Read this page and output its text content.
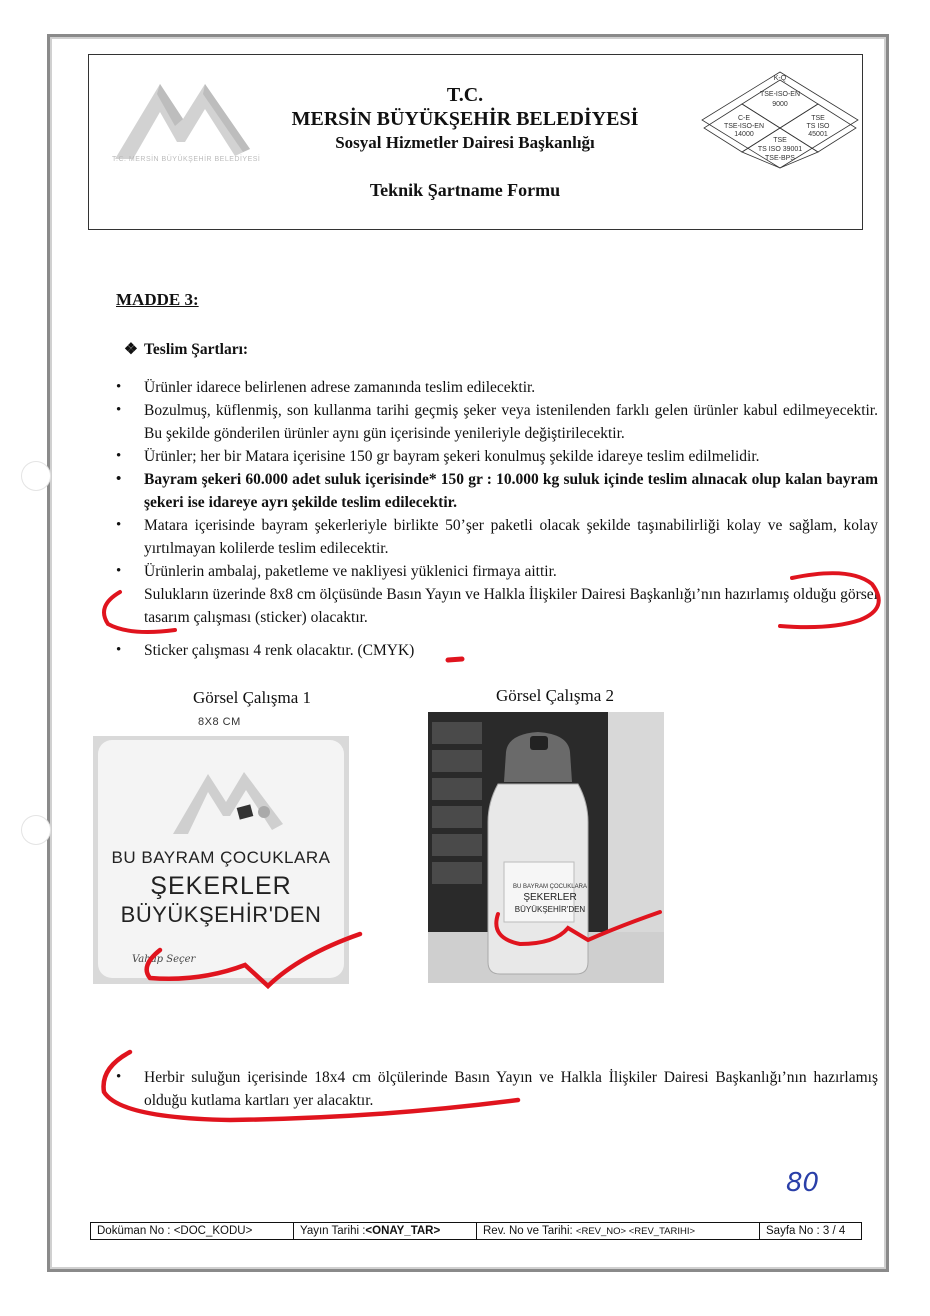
T.C. MERSİN BÜYÜKŞEHİR BELEDİYESİ
T.C.
MERSİN BÜYÜKŞEHİR BELEDİYESİ
Sosyal Hizmetler Dairesi Başkanlığı
Teknik Şartname Formu
K-Q
TSE-ISO-EN
9000
C-E
TSE-ISO-EN
14000
TSE
TS ISO
45001
TSE
TS ISO 39001
TSE-BPS
MADDE 3:
❖ Teslim Şartları:
• Ürünler idarece belirlenen adrese zamanında teslim edilecektir.
• Bozulmuş, küflenmiş, son kullanma tarihi geçmiş şeker veya istenilenden farklı gelen ürünler kabul edilmeyecektir. Bu şekilde gönderilen ürünler aynı gün içerisinde yenileriyle değiştirilecektir.
• Ürünler; her bir Matara içerisine 150 gr bayram şekeri konulmuş şekilde idareye teslim edilmelidir.
• Bayram şekeri 60.000 adet suluk içerisinde* 150 gr : 10.000 kg suluk içinde teslim alınacak olup kalan bayram şekeri ise idareye ayrı şekilde teslim edilecektir.
• Matara içerisinde bayram şekerleriyle birlikte 50’şer paketli olacak şekilde taşınabilirliği kolay ve sağlam, kolay yırtılmayan kolilerde teslim edilecektir.
• Ürünlerin ambalaj, paketleme ve nakliyesi yüklenici firmaya aittir.
• Sulukların üzerinde 8x8 cm ölçüsünde Basın Yayın ve Halkla İlişkiler Dairesi Başkanlığı’nın hazırlamış olduğu görsel tasarım çalışması (sticker) olacaktır.
• Sticker çalışması 4 renk olacaktır. (CMYK)
Görsel Çalışma 1	Görsel Çalışma 2
8X8 CM
BU BAYRAM ÇOCUKLARA
ŞEKERLER
BÜYÜKŞEHİR'DEN
Vahap Seçer
BU BAYRAM ÇOCUKLARA
ŞEKERLER
BÜYÜKŞEHİR'DEN
• Herbir suluğun içerisinde 18x4 cm ölçülerinde Basın Yayın ve Halkla İlişkiler Dairesi Başkanlığı’nın hazırlamış olduğu kutlama kartları yer alacaktır.
80
Doküman No : <DOC_KODU>	Yayın Tarihi :<ONAY_TAR>	Rev. No ve Tarihi: <REV_NO> <REV_TARIHI>	Sayfa No : 3 / 4
